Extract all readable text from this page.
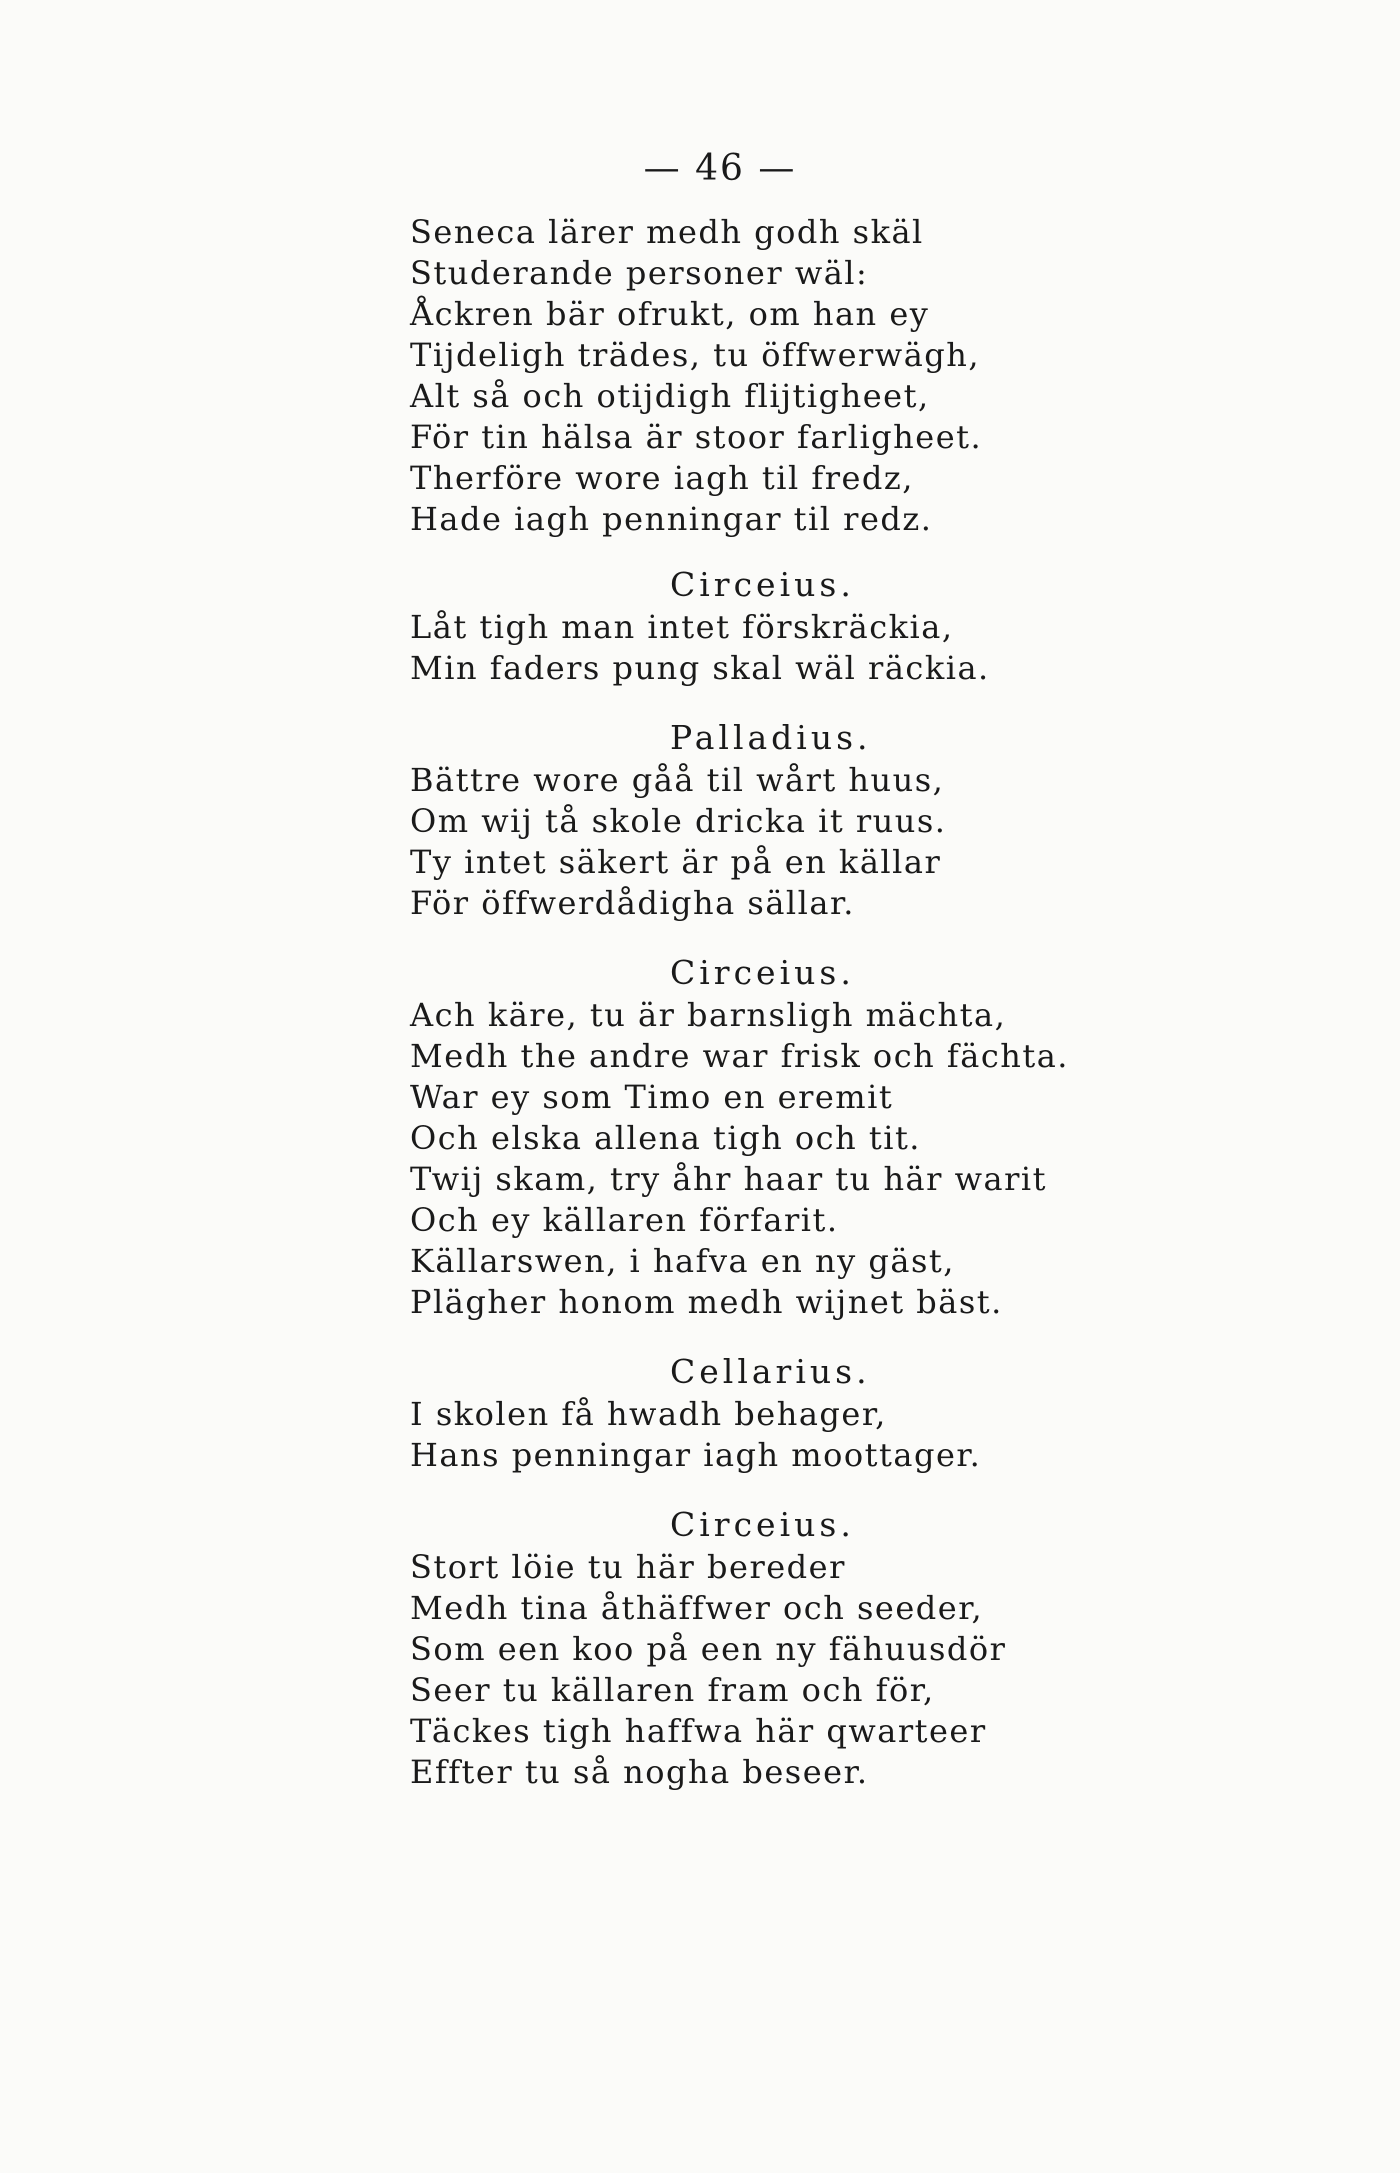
— 46 —
Seneca lärer medh godh skäl
Studerande personer wäl:
Åckren bär ofrukt, om han ey
Tijdeligh trädes, tu öffwerwägh,
Alt så och otijdigh flijtigheet,
För tin hälsa är stoor farligheet.
Therföre wore iagh til fredz,
Hade iagh penningar til redz.
Circeius.
Låt tigh man intet förskräckia,
Min faders pung skal wäl räckia.
Palladius.
Bättre wore gåå til wårt huus,
Om wij tå skole dricka it ruus.
Ty intet säkert är på en källar
För öffwerdådigha sällar.
Circeius.
Ach käre, tu är barnsligh mächta,
Medh the andre war frisk och fächta.
War ey som Timo en eremit
Och elska allena tigh och tit.
Twij skam, try åhr haar tu här warit
Och ey källaren förfarit.
Källarswen, i hafva en ny gäst,
Plägher honom medh wijnet bäst.
Cellarius.
I skolen få hwadh behager,
Hans penningar iagh moottager.
Circeius.
Stort löie tu här bereder
Medh tina åthäffwer och seeder,
Som een koo på een ny fähuusdör
Seer tu källaren fram och för,
Täckes tigh haffwa här qwarteer
Effter tu så nogha beseer.
